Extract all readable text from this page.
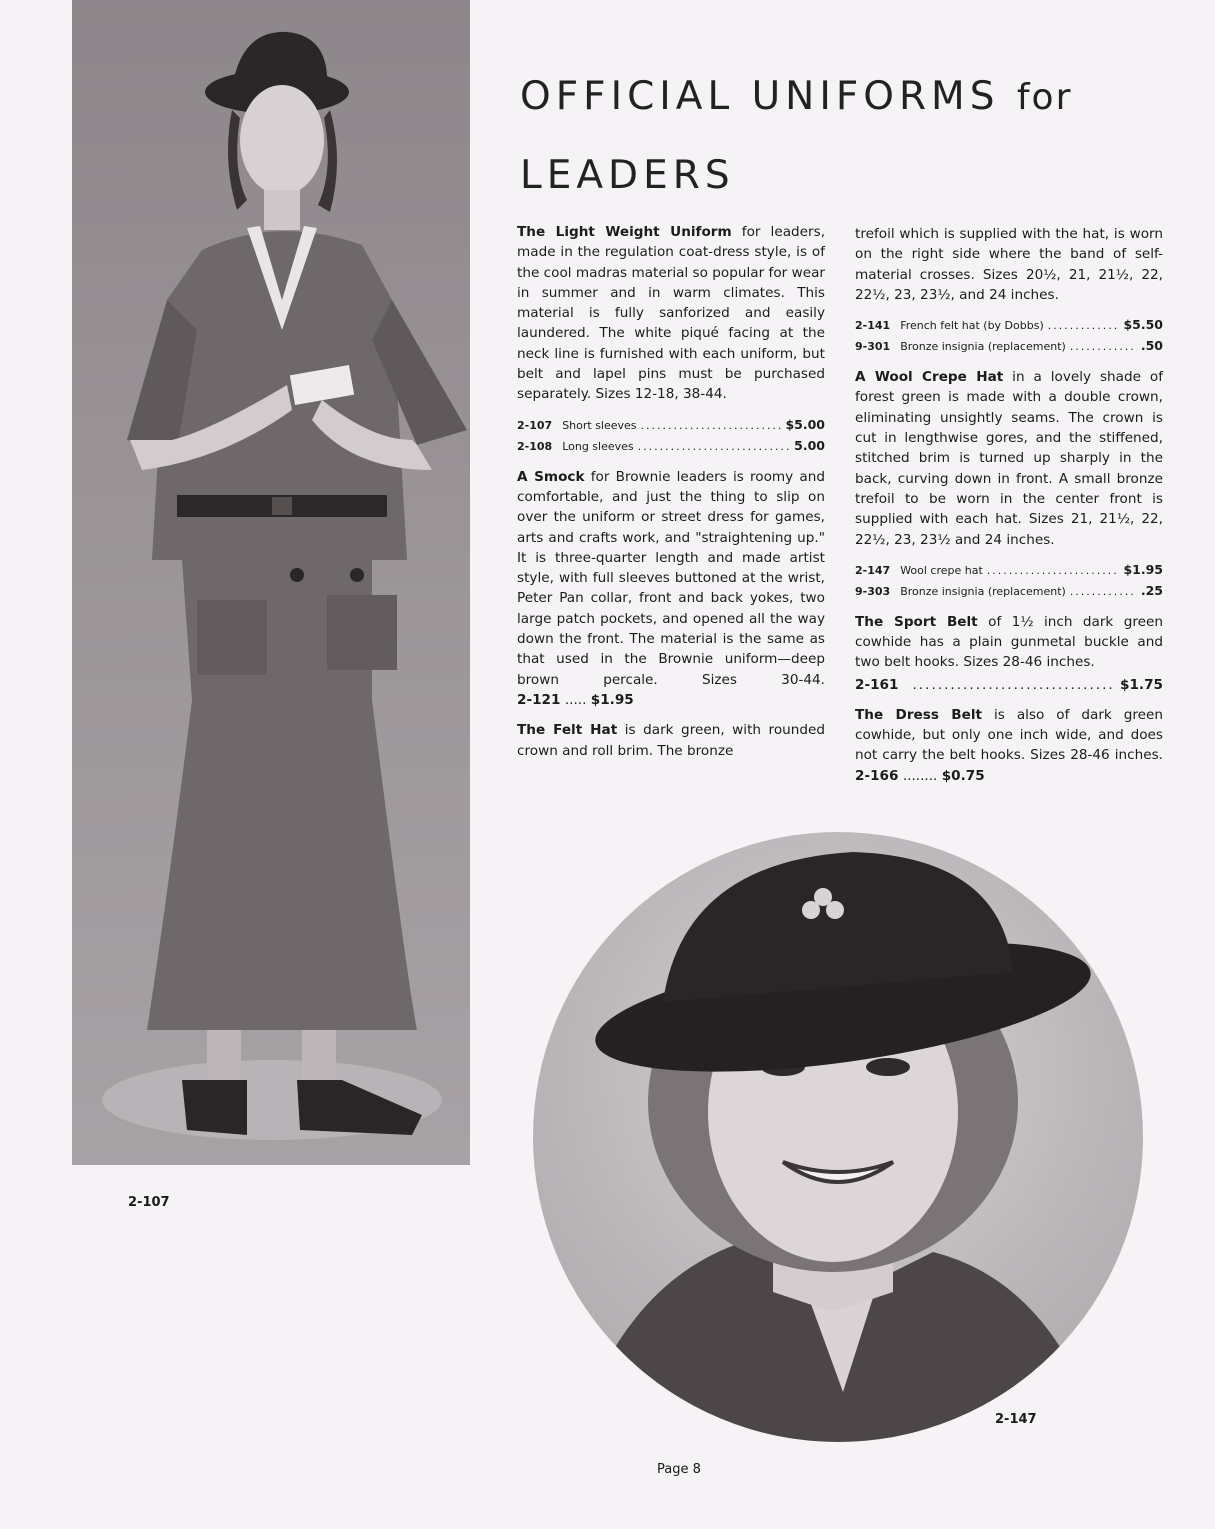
2-107
OFFICIAL UNIFORMS for
LEADERS

The Light Weight Uniform for leaders, made in the regulation coat-dress style, is of the cool madras material so popular for wear in summer and in warm climates. This material is fully sanforized and easily laundered. The white piqué facing at the neck line is furnished with each uniform, but belt and lapel pins must be purchased separately. Sizes 12-18, 38-44.

2-107 Short sleeves .....	$5.00
2-108 Long sleeves .....	5.00

A Smock for Brownie leaders is roomy and comfortable, and just the thing to slip on over the uniform or street dress for games, arts and crafts work, and "straightening up." It is three-quarter length and made artist style, with full sleeves buttoned at the wrist, Peter Pan collar, front and back yokes, two large patch pockets, and opened all the way down the front. The material is the same as that used in the Brownie uniform—deep brown percale. Sizes 30-44. 2-121 ..... $1.95

The Felt Hat is dark green, with rounded crown and roll brim. The bronze

trefoil which is supplied with the hat, is worn on the right side where the band of self-material crosses. Sizes 20½, 21, 21½, 22, 22½, 23, 23½, and 24 inches.

2-141 French felt hat (by Dobbs) .....	$5.50
9-301 Bronze insignia (replacement) .....	.50

A Wool Crepe Hat in a lovely shade of forest green is made with a double crown, eliminating unsightly seams. The crown is cut in lengthwise gores, and the stiffened, stitched brim is turned up sharply in the back, curving down in front. A small bronze trefoil to be worn in the center front is supplied with each hat. Sizes 21, 21½, 22, 22½, 23, 23½ and 24 inches.

2-147 Wool crepe hat .....	$1.95
9-303 Bronze insignia (replacement) .....	.25

The Sport Belt of 1½ inch dark green cowhide has a plain gunmetal buckle and two belt hooks. Sizes 28-46 inches.

2-161 .....	$1.75

The Dress Belt is also of dark green cowhide, but only one inch wide, and does not carry the belt hooks. Sizes 28-46 inches. 2-166 ........ $0.75

2-147
Page 8
